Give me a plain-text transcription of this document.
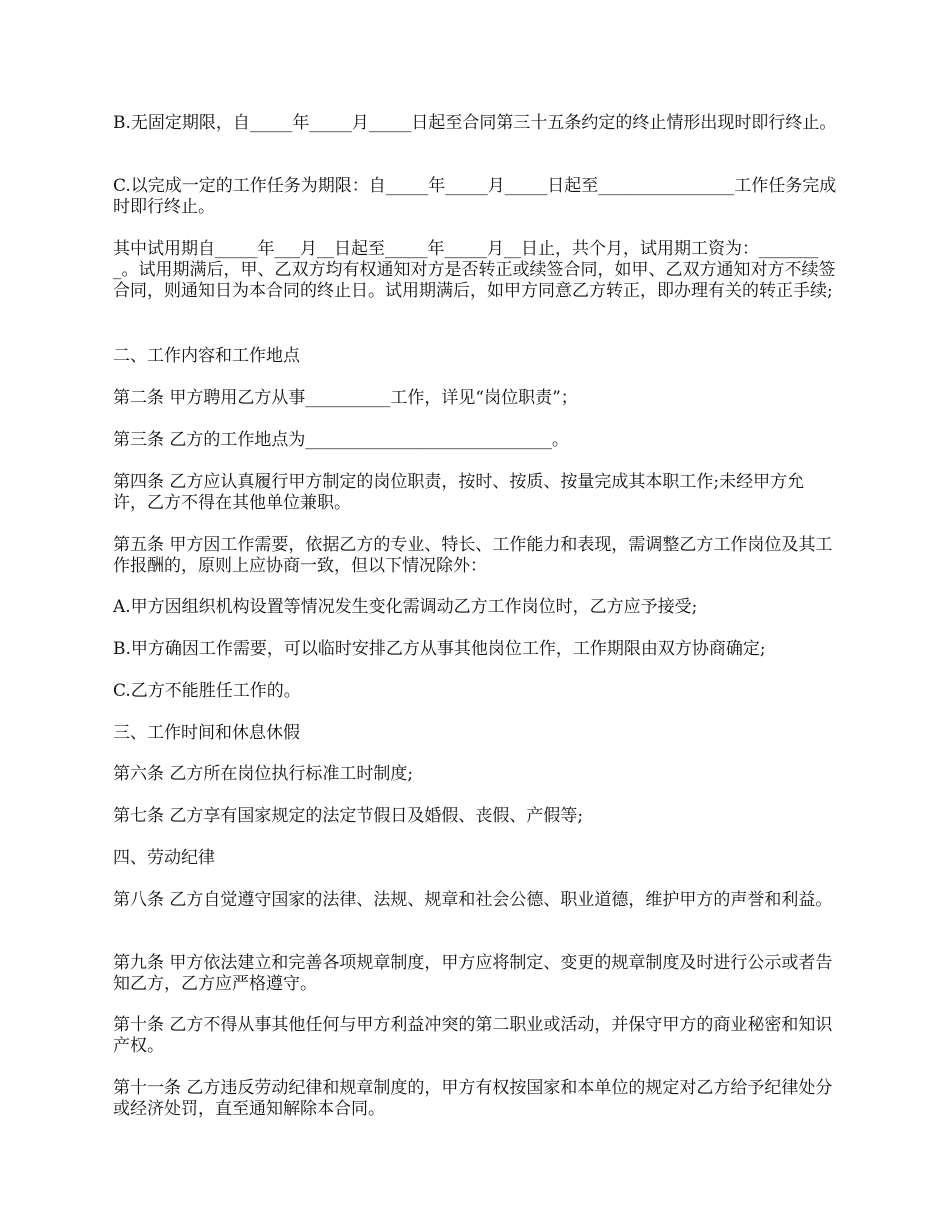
B.无固定期限，自_____年_____月_____日起至合同第三十五条约定的终止情形出现时即行终止。

C.以完成一定的工作任务为期限：自_____年_____月_____日起至________________工作任务完成时即行终止。

其中试用期自_____年___月__日起至_____年_____月__日止，共个月，试用期工资为：________。试用期满后，甲、乙双方均有权通知对方是否转正或续签合同，如甲、乙双方通知对方不续签合同，则通知日为本合同的终止日。试用期满后，如甲方同意乙方转正，即办理有关的转正手续;

二、工作内容和工作地点

第二条 甲方聘用乙方从事__________工作，详见“岗位职责”；

第三条 乙方的工作地点为_____________________________。

第四条 乙方应认真履行甲方制定的岗位职责，按时、按质、按量完成其本职工作;未经甲方允许，乙方不得在其他单位兼职。

第五条 甲方因工作需要，依据乙方的专业、特长、工作能力和表现，需调整乙方工作岗位及其工作报酬的，原则上应协商一致，但以下情况除外：

A.甲方因组织机构设置等情况发生变化需调动乙方工作岗位时，乙方应予接受;

B.甲方确因工作需要，可以临时安排乙方从事其他岗位工作，工作期限由双方协商确定;

C.乙方不能胜任工作的。

三、工作时间和休息休假

第六条 乙方所在岗位执行标准工时制度;

第七条 乙方享有国家规定的法定节假日及婚假、丧假、产假等;

四、劳动纪律

第八条 乙方自觉遵守国家的法律、法规、规章和社会公德、职业道德，维护甲方的声誉和利益。

第九条 甲方依法建立和完善各项规章制度，甲方应将制定、变更的规章制度及时进行公示或者告知乙方，乙方应严格遵守。

第十条 乙方不得从事其他任何与甲方利益冲突的第二职业或活动，并保守甲方的商业秘密和知识产权。

第十一条 乙方违反劳动纪律和规章制度的，甲方有权按国家和本单位的规定对乙方给予纪律处分或经济处罚，直至通知解除本合同。
